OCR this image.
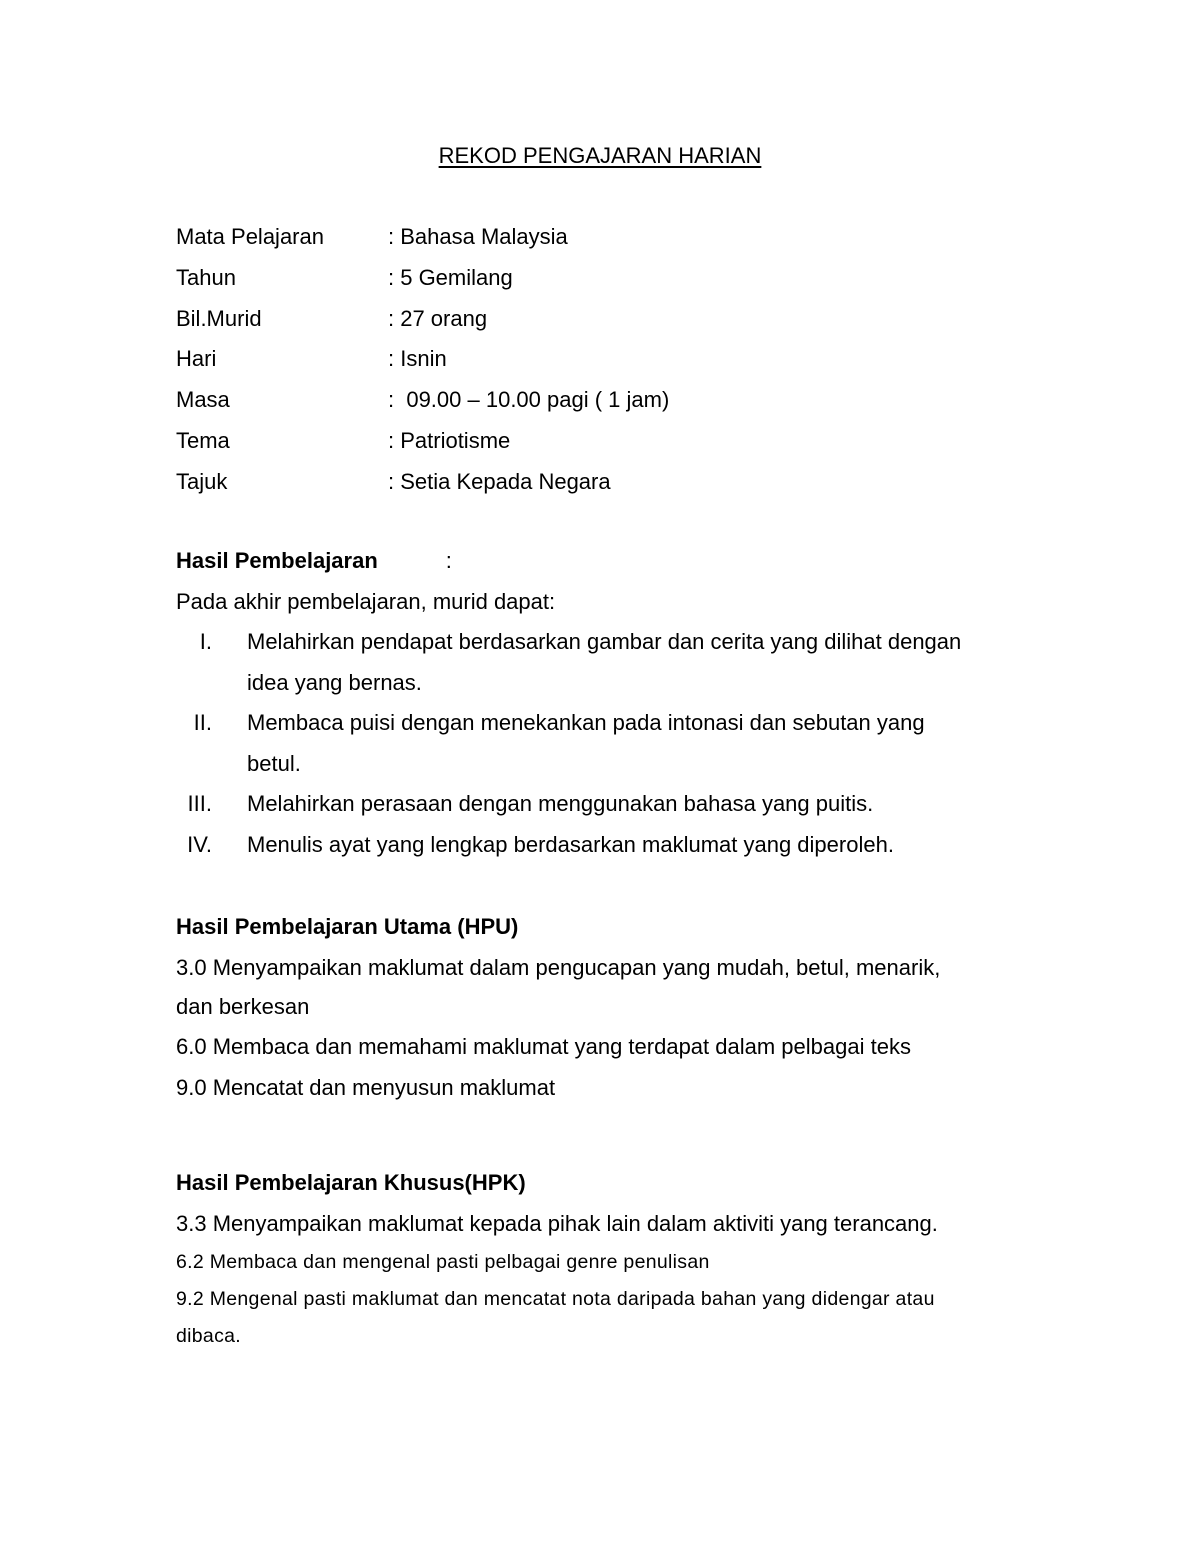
REKOD PENGAJARAN HARIAN
Mata Pelajaran	: Bahasa Malaysia
Tahun	: 5 Gemilang
Bil.Murid	: 27 orang
Hari	: Isnin
Masa	:  09.00 – 10.00 pagi ( 1 jam)
Tema	: Patriotisme
Tajuk	: Setia Kepada Negara
Hasil Pembelajaran	:
Pada akhir pembelajaran, murid dapat:
I. Melahirkan pendapat berdasarkan gambar dan cerita yang dilihat dengan
idea yang bernas.
II. Membaca puisi dengan menekankan pada intonasi dan sebutan yang
betul.
III. Melahirkan perasaan dengan menggunakan bahasa yang puitis.
IV. Menulis ayat yang lengkap berdasarkan maklumat yang diperoleh.
Hasil Pembelajaran Utama (HPU)
3.0 Menyampaikan maklumat dalam pengucapan yang mudah, betul, menarik,
dan berkesan
6.0 Membaca dan memahami maklumat yang terdapat dalam pelbagai teks
9.0 Mencatat dan menyusun maklumat
Hasil Pembelajaran Khusus(HPK)
3.3 Menyampaikan maklumat kepada pihak lain dalam aktiviti yang terancang.
6.2 Membaca dan mengenal pasti pelbagai genre penulisan
9.2 Mengenal pasti maklumat dan mencatat nota daripada bahan yang didengar atau
dibaca.
